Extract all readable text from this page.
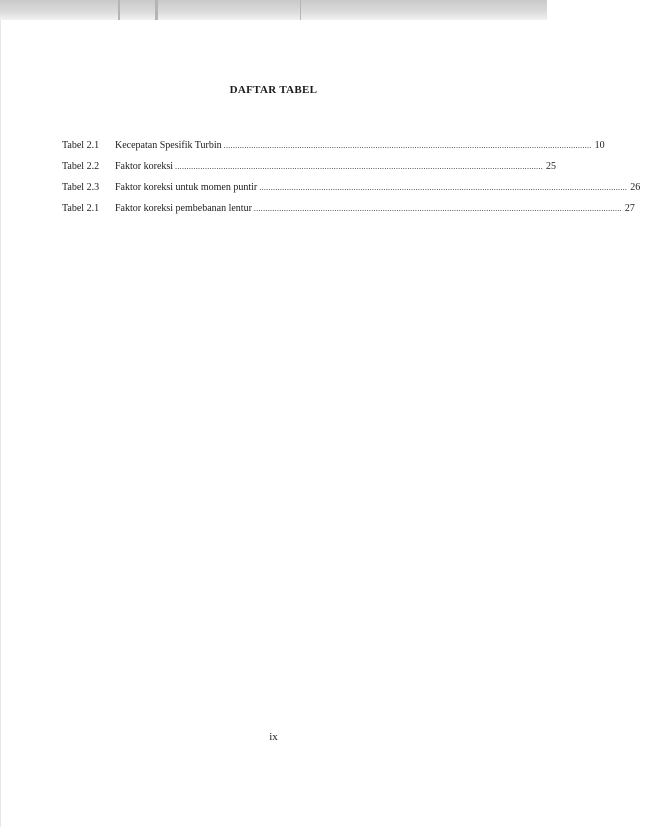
DAFTAR TABEL
Tabel 2.1	Kecepatan Spesifik Turbin ................................................................................................................................................................ 10
Tabel 2.2	Faktor koreksi ................................................................................................................................................................ 25
Tabel 2.3	Faktor koreksi untuk momen puntir ................................................................................................................................................................ 26
Tabel 2.1	Faktor koreksi pembebanan lentur ................................................................................................................................................................ 27
ix
